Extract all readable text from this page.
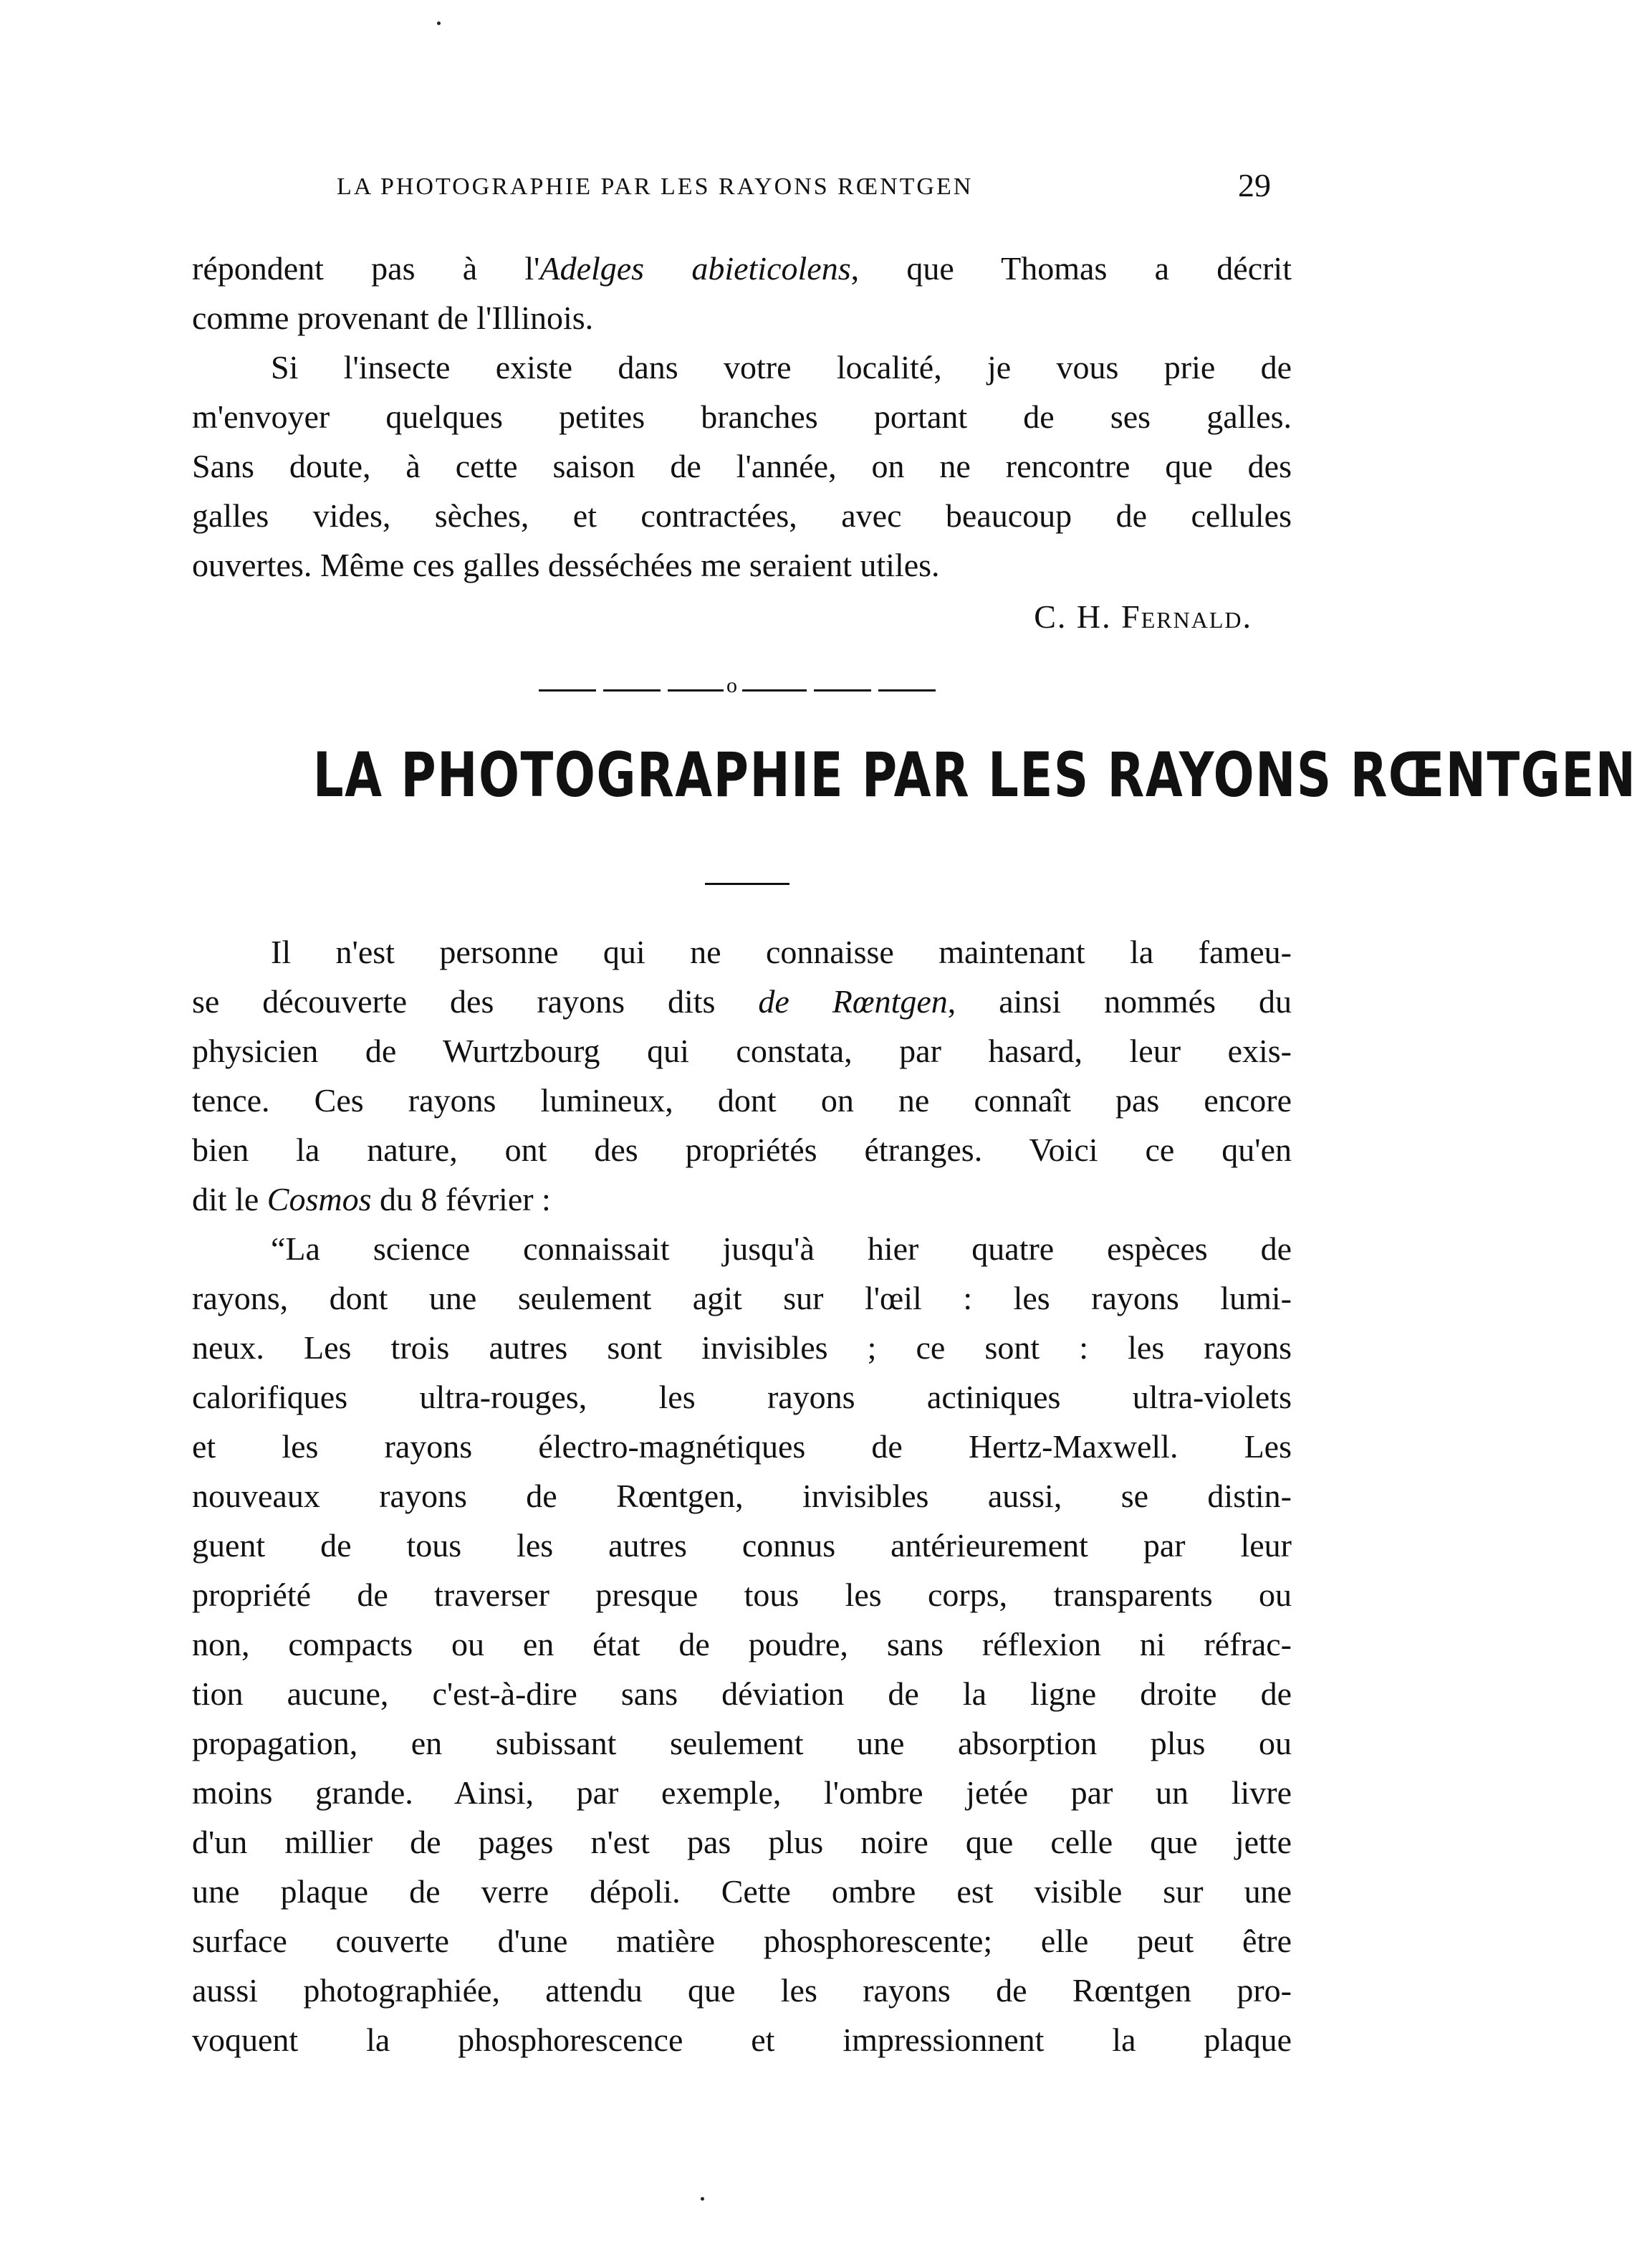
LA PHOTOGRAPHIE PAR LES RAYONS RŒNTGEN	29
répondent pas à l'Adelges abieticolens, que Thomas a décrit
comme provenant de l'Illinois.
Si l'insecte existe dans votre localité, je vous prie de
m'envoyer quelques petites branches portant de ses galles.
Sans doute, à cette saison de l'année, on ne rencontre que des
galles vides, sèches, et contractées, avec beaucoup de cellules
ouvertes. Même ces galles desséchées me seraient utiles.
C. H. Fernald.
o
LA PHOTOGRAPHIE PAR LES RAYONS RŒNTGEN
Il n'est personne qui ne connaisse maintenant la fameu-
se découverte des rayons dits de Rœntgen, ainsi nommés du
physicien de Wurtzbourg qui constata, par hasard, leur exis-
tence. Ces rayons lumineux, dont on ne connaît pas encore
bien la nature, ont des propriétés étranges. Voici ce qu'en
dit le Cosmos du 8 février :
“La science connaissait jusqu'à hier quatre espèces de
rayons, dont une seulement agit sur l'œil : les rayons lumi-
neux. Les trois autres sont invisibles ; ce sont : les rayons
calorifiques ultra-rouges, les rayons actiniques ultra-violets
et les rayons électro-magnétiques de Hertz-Maxwell. Les
nouveaux rayons de Rœntgen, invisibles aussi, se distin-
guent de tous les autres connus antérieurement par leur
propriété de traverser presque tous les corps, transparents ou
non, compacts ou en état de poudre, sans réflexion ni réfrac-
tion aucune, c'est-à-dire sans déviation de la ligne droite de
propagation, en subissant seulement une absorption plus ou
moins grande. Ainsi, par exemple, l'ombre jetée par un livre
d'un millier de pages n'est pas plus noire que celle que jette
une plaque de verre dépoli. Cette ombre est visible sur une
surface couverte d'une matière phosphorescente; elle peut être
aussi photographiée, attendu que les rayons de Rœntgen pro-
voquent la phosphorescence et impressionnent la plaque
